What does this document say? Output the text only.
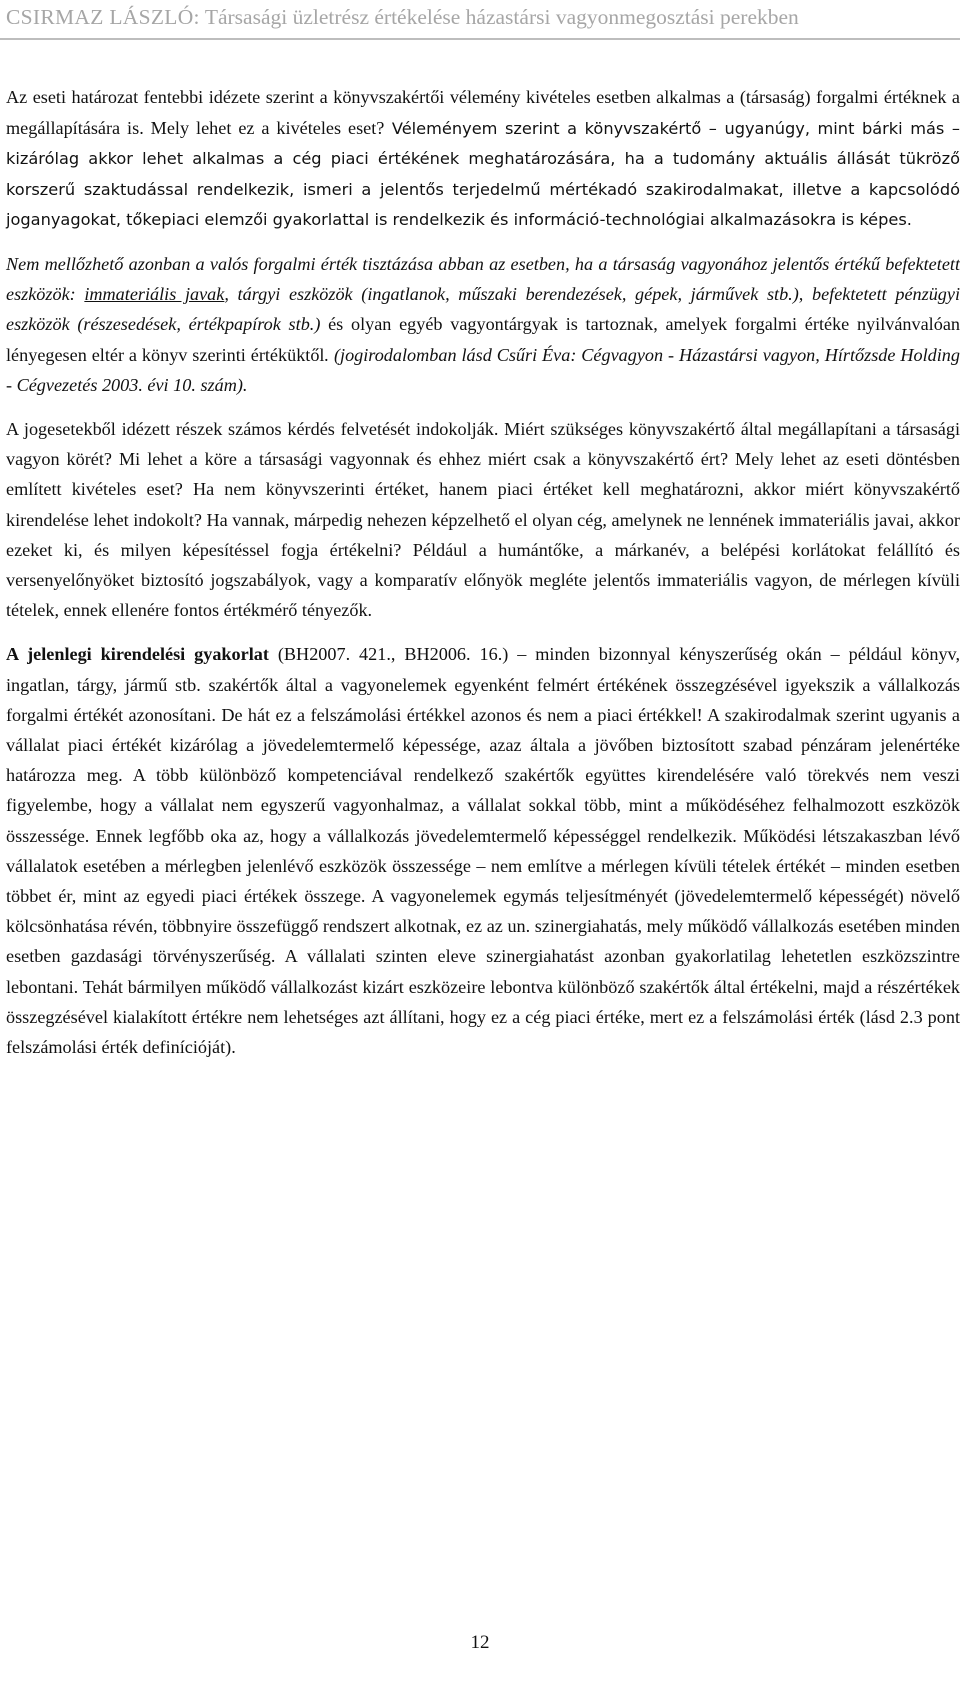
CSIRMAZ LÁSZLÓ: Társasági üzletrész értékelése házastársi vagyonmegosztási perekben

Az eseti határozat fentebbi idézete szerint a könyvszakértői vélemény kivételes esetben alkalmas a (társaság) forgalmi értéknek a megállapítására is. Mely lehet ez a kivételes eset? Véleményem szerint a könyvszakértő – ugyanúgy, mint bárki más – kizárólag akkor lehet alkalmas a cég piaci értékének meghatározására, ha a tudomány aktuális állását tükröző korszerű szaktudással rendelkezik, ismeri a jelentős terjedelmű mértékadó szakirodalmakat, illetve a kapcsolódó joganyagokat, tőkepiaci elemzői gyakorlattal is rendelkezik és információ-technológiai alkalmazásokra is képes.

Nem mellőzhető azonban a valós forgalmi érték tisztázása abban az esetben, ha a társaság vagyonához jelentős értékű befektetett eszközök: immateriális javak, tárgyi eszközök (ingatlanok, műszaki berendezések, gépek, járművek stb.), befektetett pénzügyi eszközök (részesedések, értékpapírok stb.) és olyan egyéb vagyontárgyak is tartoznak, amelyek forgalmi értéke nyilvánvalóan lényegesen eltér a könyv szerinti értéküktől. (jogirodalomban lásd Csűri Éva: Cégvagyon - Házastársi vagyon, Hírtőzsde Holding - Cégvezetés 2003. évi 10. szám).

A jogesetekből idézett részek számos kérdés felvetését indokolják. Miért szükséges könyvszakértő által megállapítani a társasági vagyon körét? Mi lehet a köre a társasági vagyonnak és ehhez miért csak a könyvszakértő ért? Mely lehet az eseti döntésben említett kivételes eset? Ha nem könyvszerinti értéket, hanem piaci értéket kell meghatározni, akkor miért könyvszakértő kirendelése lehet indokolt? Ha vannak, márpedig nehezen képzelhető el olyan cég, amelynek ne lennének immateriális javai, akkor ezeket ki, és milyen képesítéssel fogja értékelni? Például a humántőke, a márkanév, a belépési korlátokat felállító és versenyelőnyöket biztosító jogszabályok, vagy a komparatív előnyök megléte jelentős immateriális vagyon, de mérlegen kívüli tételek, ennek ellenére fontos értékmérő tényezők.

A jelenlegi kirendelési gyakorlat (BH2007. 421., BH2006. 16.) – minden bizonnyal kényszerűség okán – például könyv, ingatlan, tárgy, jármű stb. szakértők által a vagyonelemek egyenként felmért értékének összegzésével igyekszik a vállalkozás forgalmi értékét azonosítani. De hát ez a felszámolási értékkel azonos és nem a piaci értékkel! A szakirodalmak szerint ugyanis a vállalat piaci értékét kizárólag a jövedelemtermelő képessége, azaz általa a jövőben biztosított szabad pénzáram jelenértéke határozza meg. A több különböző kompetenciával rendelkező szakértők együttes kirendelésére való törekvés nem veszi figyelembe, hogy a vállalat nem egyszerű vagyonhalmaz, a vállalat sokkal több, mint a működéséhez felhalmozott eszközök összessége. Ennek legfőbb oka az, hogy a vállalkozás jövedelemtermelő képességgel rendelkezik. Működési létszakaszban lévő vállalatok esetében a mérlegben jelenlévő eszközök összessége – nem említve a mérlegen kívüli tételek értékét – minden esetben többet ér, mint az egyedi piaci értékek összege. A vagyonelemek egymás teljesítményét (jövedelemtermelő képességét) növelő kölcsönhatása révén, többnyire összefüggő rendszert alkotnak, ez az un. szinergiahatás, mely működő vállalkozás esetében minden esetben gazdasági törvényszerűség. A vállalati szinten eleve szinergiahatást azonban gyakorlatilag lehetetlen eszközszintre lebontani. Tehát bármilyen működő vállalkozást kizárt eszközeire lebontva különböző szakértők által értékelni, majd a részértékek összegzésével kialakított értékre nem lehetséges azt állítani, hogy ez a cég piaci értéke, mert ez a felszámolási érték (lásd 2.3 pont felszámolási érték definícióját).

12
